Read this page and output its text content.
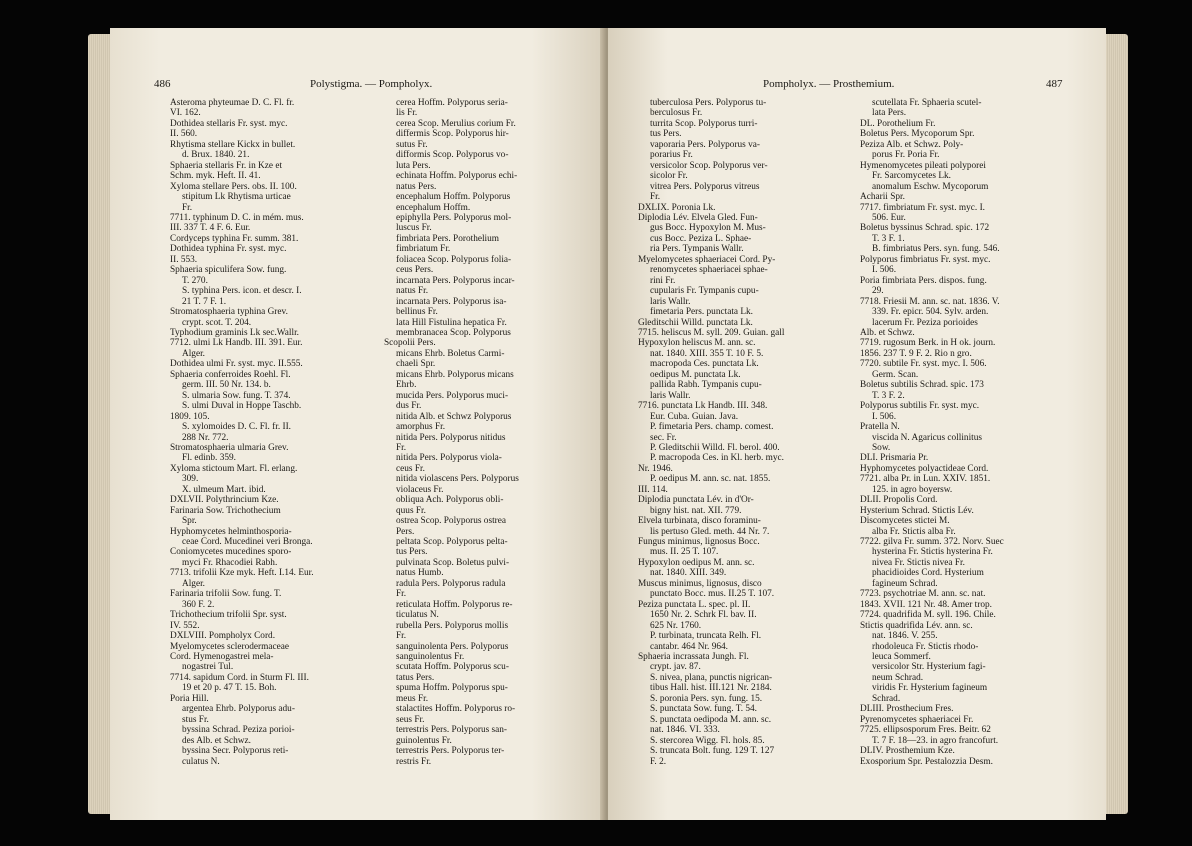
486	Polystigma. — Pompholyx.

Asteroma phyteumae D. C. Fl. fr.

VI. 162.

Dothidea stellaris Fr. syst. myc.

II. 560.

Rhytisma stellare Kickx in bullet.

d. Brux. 1840. 21.

Sphaeria stellaris Fr. in Kze et

Schm. myk. Heft. II. 41.

Xyloma stellare Pers. obs. II. 100.

stipitum Lk Rhytisma urticae

Fr.

7711. typhinum D. C. in mém. mus.

III. 337 T. 4 F. 6. Eur.

Cordyceps typhina Fr. summ. 381.

Dothidea typhina Fr. syst. myc.

II. 553.

Sphaeria spiculifera Sow. fung.

T. 270.

S. typhina Pers. icon. et descr. I.

21 T. 7 F. 1.

Stromatosphaeria typhina Grev.

crypt. scot. T. 204.

Typhodium graminis Lk sec.Wallr.

7712. ulmi Lk Handb. III. 391. Eur.

Alger.

Dothidea ulmi Fr. syst. myc. II.555.

Sphaeria conferroides Roehl. Fl.

germ. III. 50 Nr. 134. b.

S. ulmaria Sow. fung. T. 374.

S. ulmi Duval in Hoppe Taschb.

1809. 105.

S. xylomoides D. C. Fl. fr. II.

288 Nr. 772.

Stromatosphaeria ulmaria Grev.

Fl. edinb. 359.

Xyloma stictoum Mart. Fl. erlang.

309.

X. ulmeum Mart. ibid.

DXLVII. Polythrincium Kze.

Farinaria Sow. Trichothecium

Spr.

Hyphomycetes helminthosporia-

ceae Cord. Mucedinei veri Bronga.

Coniomycetes mucedines sporo-

myci Fr. Rhacodiei Rabh.

7713. trifolii Kze myk. Heft. I.14. Eur.

Alger.

Farinaria trifolii Sow. fung. T.

360 F. 2.

Trichothecium trifolii Spr. syst.

IV. 552.

DXLVIII. Pompholyx Cord.

Myelomycetes sclerodermaceae

Cord. Hymenogastrei mela-

nogastrei Tul.

7714. sapidum Cord. in Sturm Fl. III.

19 et 20 p. 47 T. 15. Boh.

Poria Hill.

argentea Ehrb. Polyporus adu-

stus Fr.

byssina Schrad. Peziza porioi-

des Alb. et Schwz.

byssina Secr. Polyporus reti-

culatus N.

cerea Hoffm. Polyporus seria-

lis Fr.

cerea Scop. Merulius corium Fr.

differmis Scop. Polyporus hir-

sutus Fr.

difformis Scop. Polyporus vo-

luta Pers.

echinata Hoffm. Polyporus echi-

natus Pers.

encephalum Hoffm. Polyporus

encephalum Hoffm.

epiphylla Pers. Polyporus mol-

luscus Fr.

fimbriata Pers. Porothelium

fimbriatum Fr.

foliacea Scop. Polyporus folia-

ceus Pers.

incarnata Pers. Polyporus incar-

natus Fr.

incarnata Pers. Polyporus isa-

bellinus Fr.

lata Hill Fistulina hepatica Fr.

membranacea Scop. Polyporus

Scopolii Pers.

micans Ehrb. Boletus Carmi-

chaeli Spr.

micans Ehrb. Polyporus micans

Ehrb.

mucida Pers. Polyporus muci-

dus Fr.

nitida Alb. et Schwz Polyporus

amorphus Fr.

nitida Pers. Polyporus nitidus

Fr.

nitida Pers. Polyporus viola-

ceus Fr.

nitida violascens Pers. Polyporus

violaceus Fr.

obliqua Ach. Polyporus obli-

quus Fr.

ostrea Scop. Polyporus ostrea

Pers.

peltata Scop. Polyporus pelta-

tus Pers.

pulvinata Scop. Boletus pulvi-

natus Humb.

radula Pers. Polyporus radula

Fr.

reticulata Hoffm. Polyporus re-

ticulatus N.

rubella Pers. Polyporus mollis

Fr.

sanguinolenta Pers. Polyporus

sanguinolentus Fr.

scutata Hoffm. Polyporus scu-

tatus Pers.

spuma Hoffm. Polyporus spu-

meus Fr.

stalactites Hoffm. Polyporus ro-

seus Fr.

terrestris Pers. Polyporus san-

guinolentus Fr.

terrestris Pers. Polyporus ter-

restris Fr.

Pompholyx. — Prosthemium.	487

tuberculosa Pers. Polyporus tu-

berculosus Fr.

turrita Scop. Polyporus turri-

tus Pers.

vaporaria Pers. Polyporus va-

porarius Fr.

versicolor Scop. Polyporus ver-

sicolor Fr.

vitrea Pers. Polyporus vitreus

Fr.

DXLIX. Poronia Lk.

Diplodia Lév. Elvela Gled. Fun-

gus Bocc. Hypoxylon M. Mus-

cus Bocc. Peziza L. Sphae-

ria Pers. Tympanis Wallr.

Myelomycetes sphaeriacei Cord. Py-

renomycetes sphaeriacei sphae-

rini Fr.

cupularis Fr. Tympanis cupu-

laris Wallr.

fimetaria Pers. punctata Lk.

Gleditschii Willd. punctata Lk.

7715. heliscus M. syll. 209. Guian. gall

Hypoxylon heliscus M. ann. sc.

nat. 1840. XIII. 355 T. 10 F. 5.

macropoda Ces. punctata Lk.

oedipus M. punctata Lk.

pallida Rabh. Tympanis cupu-

laris Wallr.

7716. punctata Lk Handb. III. 348.

Eur. Cuba. Guian. Java.

P. fimetaria Pers. champ. comest.

sec. Fr.

P. Gleditschii Willd. Fl. berol. 400.

P. macropoda Ces. in Kl. herb. myc.

Nr. 1946.

P. oedipus M. ann. sc. nat. 1855.

III. 114.

Diplodia punctata Lév. in d'Or-

bigny hist. nat. XII. 779.

Elvela turbinata, disco foraminu-

lis pertuso Gled. meth. 44 Nr. 7.

Fungus minimus, lignosus Bocc.

mus. II. 25 T. 107.

Hypoxylon oedipus M. ann. sc.

nat. 1840. XIII. 349.

Muscus minimus, lignosus, disco

punctato Bocc. mus. II.25 T. 107.

Peziza punctata L. spec. pl. II.

1650 Nr. 2. Schrk Fl. bav. II.

625 Nr. 1760.

P. turbinata, truncata Relh. Fl.

cantabr. 464 Nr. 964.

Sphaeria incrassata Jungh. Fl.

crypt. jav. 87.

S. nivea, plana, punctis nigrican-

tibus Hall. hist. III.121 Nr. 2184.

S. poronia Pers. syn. fung. 15.

S. punctata Sow. fung. T. 54.

S. punctata oedipoda M. ann. sc.

nat. 1846. VI. 333.

S. stercorea Wigg. Fl. hols. 85.

S. truncata Bolt. fung. 129 T. 127

F. 2.

scutellata Fr. Sphaeria scutel-

lata Pers.

DL. Porothelium Fr.

Boletus Pers. Mycoporum Spr.

Peziza Alb. et Schwz. Poly-

porus Fr. Poria Fr.

Hymenomycetes pileati polyporei

Fr. Sarcomycetes Lk.

anomalum Eschw. Mycoporum

Acharii Spr.

7717. fimbriatum Fr. syst. myc. I.

506. Eur.

Boletus byssinus Schrad. spic. 172

T. 3 F. 1.

B. fimbriatus Pers. syn. fung. 546.

Polyporus fimbriatus Fr. syst. myc.

I. 506.

Poria fimbriata Pers. dispos. fung.

29.

7718. Friesii M. ann. sc. nat. 1836. V.

339. Fr. epicr. 504. Sylv. arden.

lacerum Fr. Peziza porioides

Alb. et Schwz.

7719. rugosum Berk. in H ok. journ.

1856. 237 T. 9 F. 2. Rio n gro.

7720. subtile Fr. syst. myc. I. 506.

Germ. Scan.

Boletus subtilis Schrad. spic. 173

T. 3 F. 2.

Polyporus subtilis Fr. syst. myc.

I. 506.

Pratella N.

viscida N. Agaricus collinitus

Sow.

DLI. Prismaria Pr.

Hyphomycetes polyactideae Cord.

7721. alba Pr. in Lun. XXIV. 1851.

125. in agro boyersw.

DLII. Propolis Cord.

Hysterium Schrad. Stictis Lév.

Discomycetes stictei M.

alba Fr. Stictis alba Fr.

7722. gilva Fr. summ. 372. Norv. Suec

hysterina Fr. Stictis hysterina Fr.

nivea Fr. Stictis nivea Fr.

phacidioides Cord. Hysterium

fagineum Schrad.

7723. psychotriae M. ann. sc. nat.

1843. XVII. 121 Nr. 48. Amer trop.

7724. quadrifida M. syll. 196. Chile.

Stictis quadrifida Lév. ann. sc.

nat. 1846. V. 255.

rhodoleuca Fr. Stictis rhodo-

leuca Sommerf.

versicolor Str. Hysterium fagi-

neum Schrad.

viridis Fr. Hysterium fagineum

Schrad.

DLIII. Prosthecium Fres.

Pyrenomycetes sphaeriacei Fr.

7725. ellipsosporum Fres. Beitr. 62

T. 7 F. 18—23. in agro francofurt.

DLIV. Prosthemium Kze.

Exosporium Spr. Pestalozzia Desm.
